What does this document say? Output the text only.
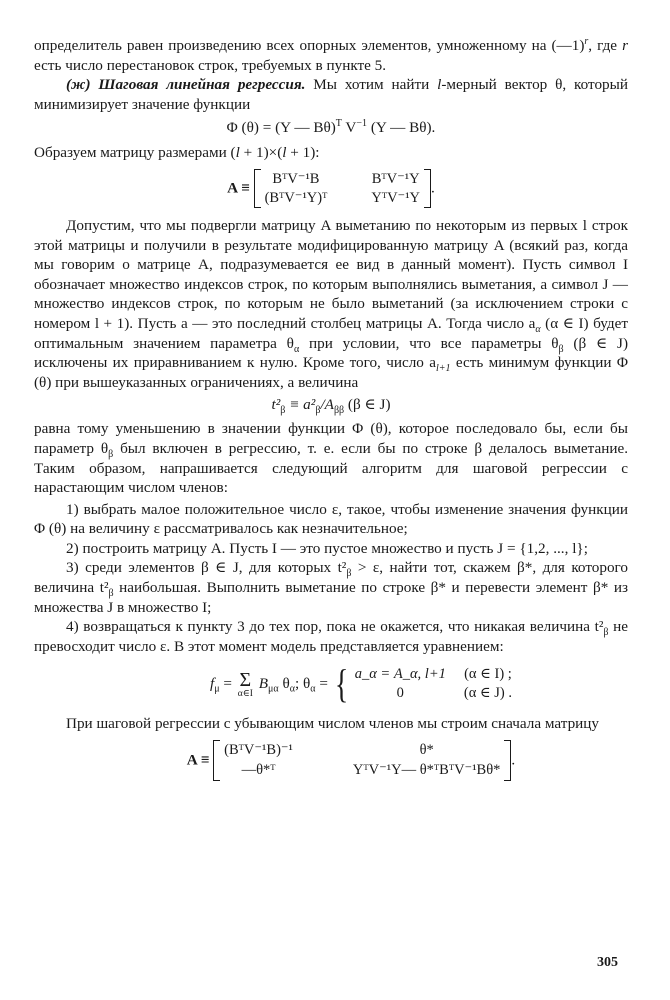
определитель равен произведению всех опорных элементов, умноженному на (—1)$^r$, где r есть число перестановок строк, требуемых в пункте 5.

(ж) Шаговая линейная регрессия. Мы хотим найти l-мерный вектор θ, который минимизирует значение функции

Φ (θ) = (Y — Bθ)$^T$ $V^{-1}$ (Y — Bθ).

Образуем матрицу размерами (l + 1)×(l + 1):

A ≡
BᵀV⁻¹B	BᵀV⁻¹Y
(BᵀV⁻¹Y)ᵀ	YᵀV⁻¹Y
.

Допустим, что мы подвергли матрицу A выметанию по некоторым из первых l строк этой матрицы и получили в результате модифицированную матрицу A (всякий раз, когда мы говорим о матрице A, подразумевается ее вид в данный момент). Пусть символ I обозначает множество индексов строк, по которым выполнялись выметания, а символ J — множество индексов строк, по которым не было выметаний (за исключением строки с номером l + 1). Пусть a — это последний столбец матрицы A. Тогда число $a_\alpha$ (α ∈ I) будет оптимальным значением параметра $\theta_\alpha$ при условии, что все параметры $\theta_\beta$ (β ∈ J) исключены их приравниванием к нулю. Кроме того, число $a_{l+1}$ есть минимум функции Φ (θ) при вышеуказанных ограничениях, а величина

$t^2_\beta \equiv a^2_\beta/A_{\beta\beta}$ (β ∈ J)

равна тому уменьшению в значении функции Φ (θ), которое последовало бы, если бы параметр $\theta_\beta$ был включен в регрессию, т. е. если бы по строке β делалось выметание. Таким образом, напрашивается следующий алгоритм для шаговой регрессии с нарастающим числом членов:

1) выбрать малое положительное число ε, такое, чтобы изменение значения функции Φ (θ) на величину ε рассматривалось как незначительное;

2) построить матрицу A. Пусть I — это пустое множество и пусть J = {1,2, ..., l};

3) среди элементов β ∈ J, для которых $t^2_\beta > \varepsilon$, найти тот, скажем β*, для которого величина $t^2_\beta$ наибольшая. Выполнить выметание по строке β* и перевести элемент β* из множества J в множество I;

4) возвращаться к пункту 3 до тех пор, пока не окажется, что никакая величина $t^2_\beta$ не превосходит число ε. В этот момент модель представляется уравнением:

$f_\mu = \Sigma$
α∈I
$B_{\mu\alpha}$ $\theta_\alpha$; $\theta_\alpha$ = { a_α = A_α, l+1 (α ∈ I) ;
0	(α ∈ J) .

При шаговой регрессии с убывающим числом членов мы строим сначала матрицу

A ≡
(BᵀV⁻¹B)⁻¹	θ*
—θ*ᵀ	YᵀV⁻¹Y— θ*ᵀBᵀV⁻¹Bθ*
.
305
